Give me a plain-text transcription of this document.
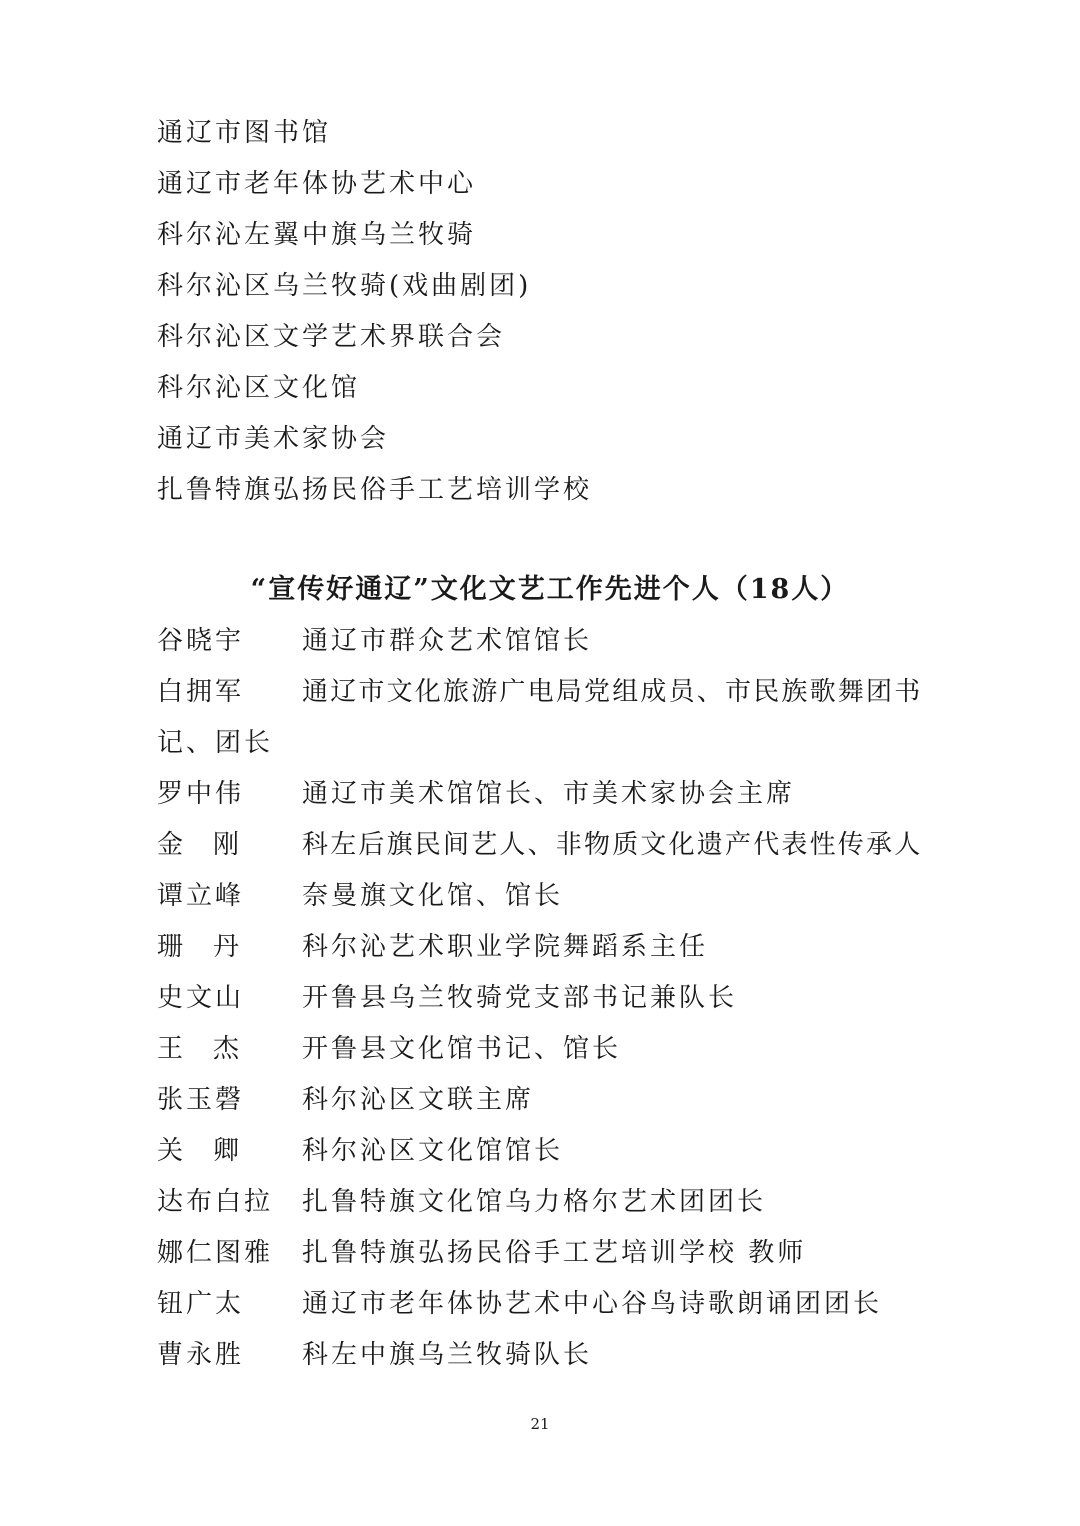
通辽市图书馆
通辽市老年体协艺术中心
科尔沁左翼中旗乌兰牧骑
科尔沁区乌兰牧骑(戏曲剧团)
科尔沁区文学艺术界联合会
科尔沁区文化馆
通辽市美术家协会
扎鲁特旗弘扬民俗手工艺培训学校
“宣传好通辽”文化文艺工作先进个人（18人）
谷晓宇	通辽市群众艺术馆馆长
白拥军	通辽市文化旅游广电局党组成员、市民族歌舞团书
记、团长
罗中伟	通辽市美术馆馆长、市美术家协会主席
金刚	科左后旗民间艺人、非物质文化遗产代表性传承人
谭立峰	奈曼旗文化馆、馆长
珊丹	科尔沁艺术职业学院舞蹈系主任
史文山	开鲁县乌兰牧骑党支部书记兼队长
王杰	开鲁县文化馆书记、馆长
张玉磬	科尔沁区文联主席
关卿	科尔沁区文化馆馆长
达布白拉	扎鲁特旗文化馆乌力格尔艺术团团长
娜仁图雅	扎鲁特旗弘扬民俗手工艺培训学校 教师
钮广太	通辽市老年体协艺术中心谷鸟诗歌朗诵团团长
曹永胜	科左中旗乌兰牧骑队长
21
